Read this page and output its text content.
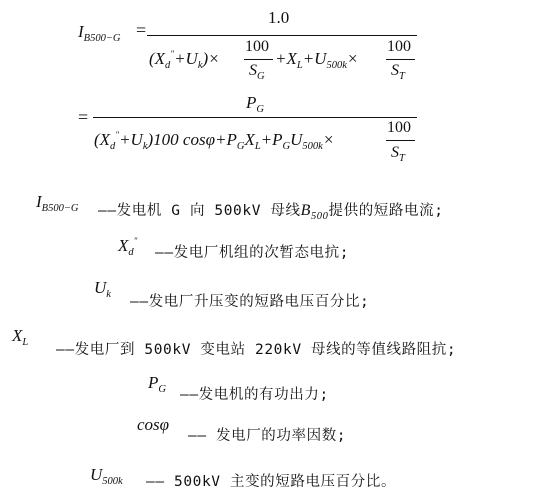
$I_{B500-G}$ =
1.0
$(X_d^"+U_k)\times$
100
$S_G$
$+X_L+U_{500k}\times$
100
$S_T$
=
$P_G$
$(X_d^"+U_k)100$ $\cos\varphi+P_GX_L+P_GU_{500k}\times$
100
$S_T$
$I_{B500-G}$ ——发电机 G 向 500kV 母线$B_{500}$提供的短路电流;
$X_d^"$
——发电厂机组的次暂态电抗;
$U_k$ ——发电厂升压变的短路电压百分比;
$X_L$ ——发电厂到 500kV 变电站 220kV 母线的等值线路阻抗;
$P_G$ ——发电机的有功出力;
cosφ
—— 发电厂的功率因数;
$U_{500k}$ —— 500kV 主变的短路电压百分比。
